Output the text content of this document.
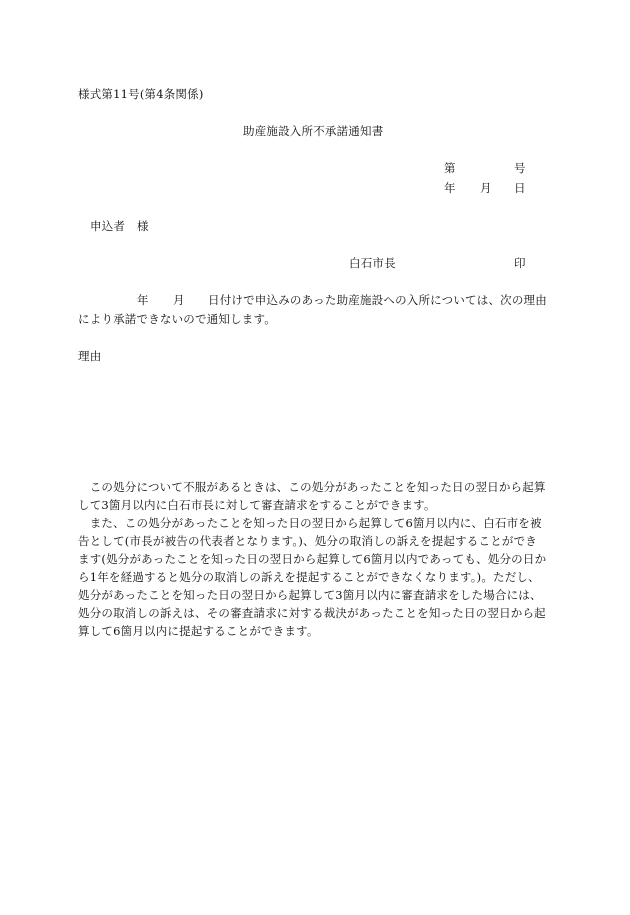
様式第11号(第4条関係)
助産施設入所不承諾通知書
第	号
年 月 日
申込者 様
白石市長	印
年 月 日付けで申込みのあった助産施設への入所については、次の理由
により承諾できないので通知します。
理由
　この処分について不服があるときは、この処分があったことを知った日の翌日から起算
して3箇月以内に白石市長に対して審査請求をすることができます。
　また、この処分があったことを知った日の翌日から起算して6箇月以内に、白石市を被
告として(市長が被告の代表者となります。)、処分の取消しの訴えを提起することができ
ます(処分があったことを知った日の翌日から起算して6箇月以内であっても、処分の日か
ら1年を経過すると処分の取消しの訴えを提起することができなくなります。)。ただし、
処分があったことを知った日の翌日から起算して3箇月以内に審査請求をした場合には、
処分の取消しの訴えは、その審査請求に対する裁決があったことを知った日の翌日から起
算して6箇月以内に提起することができます。
